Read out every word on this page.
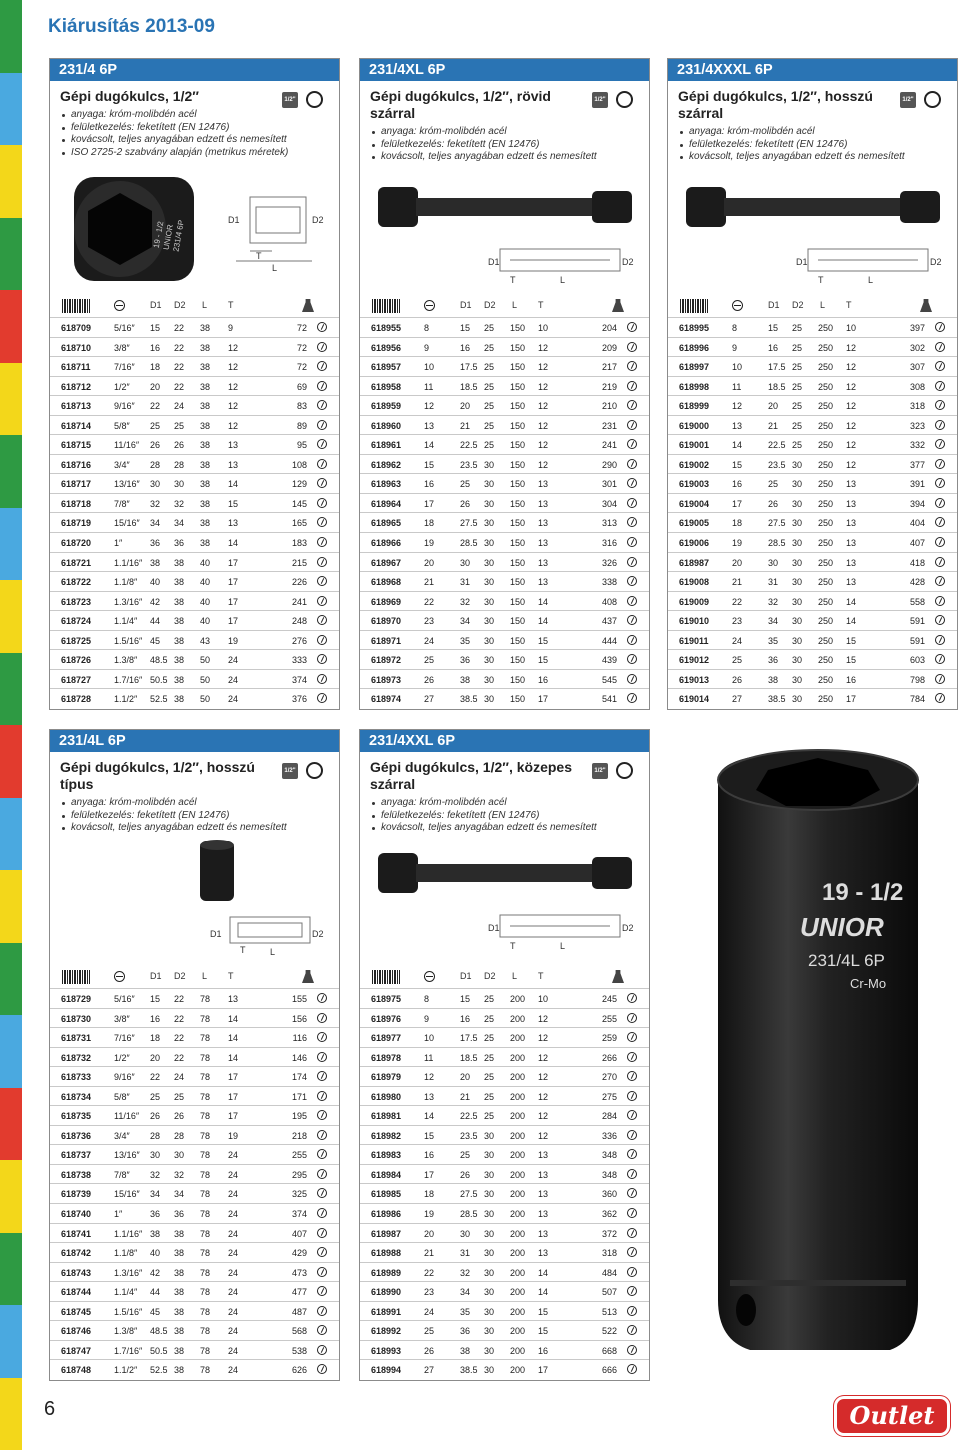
Kiárusítás 2013-09
231/4 6P
Gépi dugókulcs, 1/2″	1/2"
anyaga: króm-molibdén acél
felületkezelés: feketített (EN 12476)
kovácsolt, teljes anyagában edzett és nemesített
ISO 2725-2 szabvány alapján (metrikus méretek)
19 - 1/2
UNIOR
231/4 6P	D1	D2
T
L
D1 D2 L T
618709	5/16″ 15 22 38 9	72
618710	3/8″ 16 22 38 12	72
618711	7/16″ 18 22 38 12	72
618712	1/2″ 20 22 38 12	69
618713	9/16″ 22 24 38 12	83
618714	5/8″ 25 25 38 12	89
618715	11/16″ 26 26 38 13	95
618716	3/4″ 28 28 38 13	108
618717	13/16″ 30 30 38 14	129
618718	7/8″ 32 32 38 15	145
618719	15/16″ 34 34 38 13	165
618720	1″	36 36 38 14	183
618721	1.1/16″ 38 38 40 17	215
618722	1.1/8″ 40 38 40 17	226
618723	1.3/16″ 42 38 40 17	241
618724	1.1/4″ 44 38 40 17	248
618725	1.5/16″ 45 38 43 19	276
618726	1.3/8″ 48.5 38 50 24	333
618727	1.7/16″ 50.5 38 50 24	374
618728	1.1/2″ 52.5 38 50 24	376
231/4XL 6P
Gépi dugókulcs, 1/2″, rövid szárral
1/2"
anyaga: króm-molibdén acél
felületkezelés: feketített (EN 12476)
kovácsolt, teljes anyagában edzett és nemesített
D1	D2
T	L
D1 D2 L T
618955	8	15 25 150 10	204
618956	9	16 25 150 12	209
618957	10	17.5 25 150 12	217
618958	11	18.5 25 150 12	219
618959	12	20 25 150 12	210
618960	13	21 25 150 12	231
618961	14	22.5 25 150 12	241
618962	15	23.5 30 150 12	290
618963	16	25 30 150 13	301
618964	17	26 30 150 13	304
618965	18	27.5 30 150 13	313
618966	19	28.5 30 150 13	316
618967	20	30 30 150 13	326
618968	21	31 30 150 13	338
618969	22	32 30 150 14	408
618970	23	34 30 150 14	437
618971	24	35 30 150 15	444
618972	25	36 30 150 15	439
618973	26	38 30 150 16	545
618974	27	38.5 30 150 17	541
231/4XXXL 6P
Gépi dugókulcs, 1/2″, hosszú szárral
1/2"
anyaga: króm-molibdén acél
felületkezelés: feketített (EN 12476)
kovácsolt, teljes anyagában edzett és nemesített
D1	D2
T	L
D1 D2 L T
618995	8	15 25 250 10	397
618996	9	16 25 250 12	302
618997	10	17.5 25 250 12	307
618998	11	18.5 25 250 12	308
618999	12	20 25 250 12	318
619000	13	21 25 250 12	323
619001	14	22.5 25 250 12	332
619002	15	23.5 30 250 12	377
619003	16	25 30 250 13	391
619004	17	26 30 250 13	394
619005	18	27.5 30 250 13	404
619006	19	28.5 30 250 13	407
618987	20	30 30 250 13	418
619008	21	31 30 250 13	428
619009	22	32 30 250 14	558
619010	23	34 30 250 14	591
619011	24	35 30 250 15	591
619012	25	36 30 250 15	603
619013	26	38 30 250 16	798
619014	27	38.5 30 250 17	784
231/4L 6P
Gépi dugókulcs, 1/2″, hosszú típus
1/2"
anyaga: króm-molibdén acél
felületkezelés: feketített (EN 12476)
kovácsolt, teljes anyagában edzett és nemesített
D1	D2
T	L
D1 D2 L T
618729	5/16″ 15 22 78 13	155
618730	3/8″ 16 22 78 14	156
618731	7/16″ 18 22 78 14	116
618732	1/2″ 20 22 78 14	146
618733	9/16″ 22 24 78 17	174
618734	5/8″ 25 25 78 17	171
618735	11/16″ 26 26 78 17	195
618736	3/4″ 28 28 78 19	218
618737	13/16″ 30 30 78 24	255
618738	7/8″ 32 32 78 24	295
618739	15/16″ 34 34 78 24	325
618740	1″	36 36 78 24	374
618741	1.1/16″ 38 38 78 24	407
618742	1.1/8″ 40 38 78 24	429
618743	1.3/16″ 42 38 78 24	473
618744	1.1/4″ 44 38 78 24	477
618745	1.5/16″ 45 38 78 24	487
618746	1.3/8″ 48.5 38 78 24	568
618747	1.7/16″ 50.5 38 78 24	538
618748	1.1/2″ 52.5 38 78 24	626
231/4XXL 6P
Gépi dugókulcs, 1/2″, közepes szárral
1/2"
anyaga: króm-molibdén acél
felületkezelés: feketített (EN 12476)
kovácsolt, teljes anyagában edzett és nemesített
D1	D2
T	L
D1 D2 L T
618975	8	15 25 200 10	245
618976	9	16 25 200 12	255
618977	10	17.5 25 200 12	259
618978	11	18.5 25 200 12	266
618979	12	20 25 200 12	270
618980	13	21 25 200 12	275
618981	14	22.5 25 200 12	284
618982	15	23.5 30 200 12	336
618983	16	25 30 200 13	348
618984	17	26 30 200 13	348
618985	18	27.5 30 200 13	360
618986	19	28.5 30 200 13	362
618987	20	30 30 200 13	372
618988	21	31 30 200 13	318
618989	22	32 30 200 14	484
618990	23	34 30 200 14	507
618991	24	35 30 200 15	513
618992	25	36 30 200 15	522
618993	26	38 30 200 16	668
618994	27	38.5 30 200 17	666
19 - 1/2
UNIOR
231/4L 6P
Cr-Mo
6	Outlet
